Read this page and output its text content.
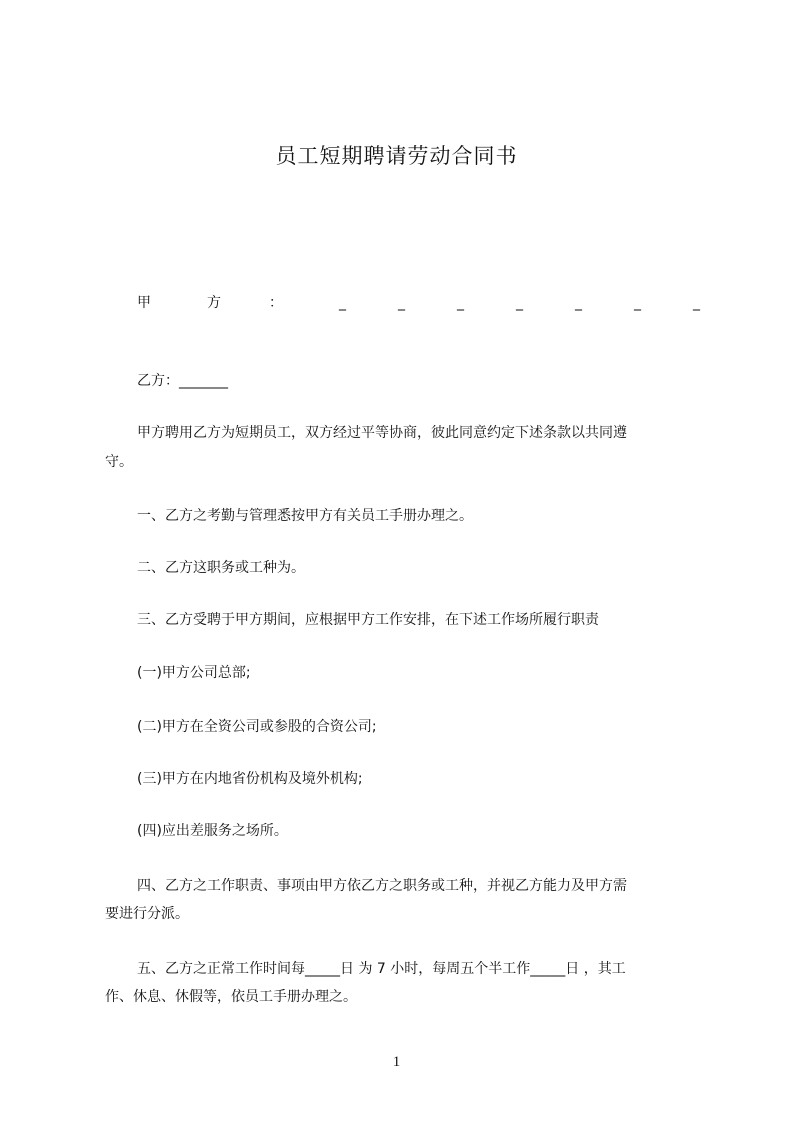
员工短期聘请劳动合同书
甲	方	：	_	_	_	_	_	_	_
乙方：_______
甲方聘用乙方为短期员工，双方经过平等协商，彼此同意约定下述条款以共同遵
守。
一、乙方之考勤与管理悉按甲方有关员工手册办理之。
二、乙方这职务或工种为。
三、乙方受聘于甲方期间，应根据甲方工作安排，在下述工作场所履行职责
(一)甲方公司总部;
(二)甲方在全资公司或参股的合资公司;
(三)甲方在内地省份机构及境外机构;
(四)应出差服务之场所。
四、乙方之工作职责、事项由甲方依乙方之职务或工种，并视乙方能力及甲方需
要进行分派。
五、乙方之正常工作时间每_____日 为 7 小时，每周五个半工作_____日 ，其工
作、休息、休假等，依员工手册办理之。
1
